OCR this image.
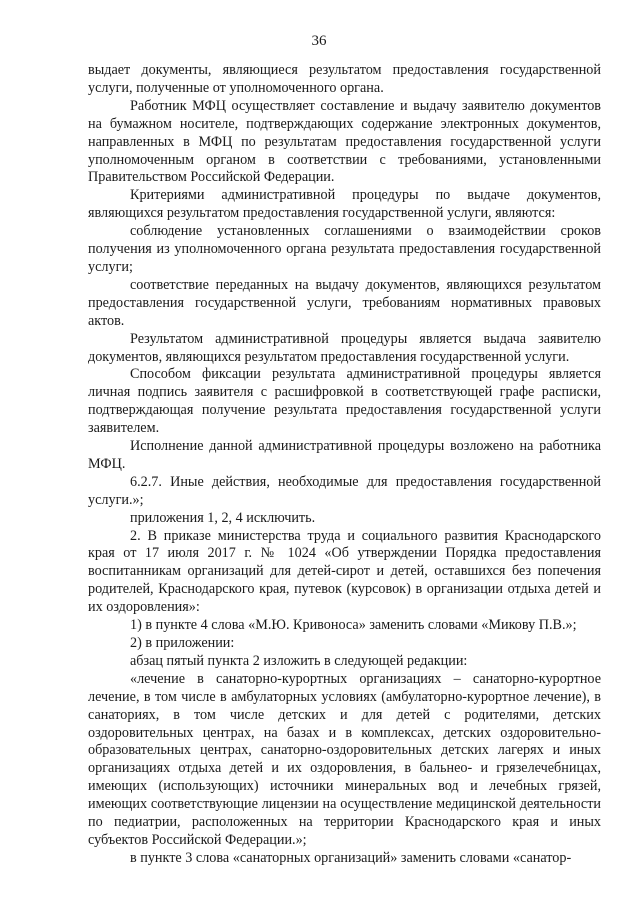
36

выдает документы, являющиеся результатом предоставления государственной услуги, полученные от уполномоченного органа.

Работник МФЦ осуществляет составление и выдачу заявителю документов на бумажном носителе, подтверждающих содержание электронных документов, направленных в МФЦ по результатам предоставления государственной услуги уполномоченным органом в соответствии с требованиями, установленными Правительством Российской Федерации.

Критериями административной процедуры по выдаче документов, являющихся результатом предоставления государственной услуги, являются:

соблюдение установленных соглашениями о взаимодействии сроков получения из уполномоченного органа результата предоставления государственной услуги;

соответствие переданных на выдачу документов, являющихся результатом предоставления государственной услуги, требованиям нормативных правовых актов.

Результатом административной процедуры является выдача заявителю документов, являющихся результатом предоставления государственной услуги.

Способом фиксации результата административной процедуры является личная подпись заявителя с расшифровкой в соответствующей графе расписки, подтверждающая получение результата предоставления государственной услуги заявителем.

Исполнение данной административной процедуры возложено на работника МФЦ.

6.2.7. Иные действия, необходимые для предоставления государственной услуги.»;

приложения 1, 2, 4 исключить.

2. В приказе министерства труда и социального развития Краснодарского края от 17 июля 2017 г. № 1024 «Об утверждении Порядка предоставления воспитанникам организаций для детей-сирот и детей, оставшихся без попечения родителей, Краснодарского края, путевок (курсовок) в организации отдыха детей и их оздоровления»:

1) в пункте 4 слова «М.Ю. Кривоноса» заменить словами «Микову П.В.»;

2) в приложении:

абзац пятый пункта 2 изложить в следующей редакции:

«лечение в санаторно-курортных организациях – санаторно-курортное лечение, в том числе в амбулаторных условиях (амбулаторно-курортное лечение), в санаториях, в том числе детских и для детей с родителями, детских оздоровительных центрах, на базах и в комплексах, детских оздоровительно-образовательных центрах, санаторно-оздоровительных детских лагерях и иных организациях отдыха детей и их оздоровления, в бальнео- и грязелечебницах, имеющих (использующих) источники минеральных вод и лечебных грязей, имеющих соответствующие лицензии на осуществление медицинской деятельности по педиатрии, расположенных на территории Краснодарского края и иных субъектов Российской Федерации.»;

в пункте 3 слова «санаторных организаций» заменить словами «санатор-
